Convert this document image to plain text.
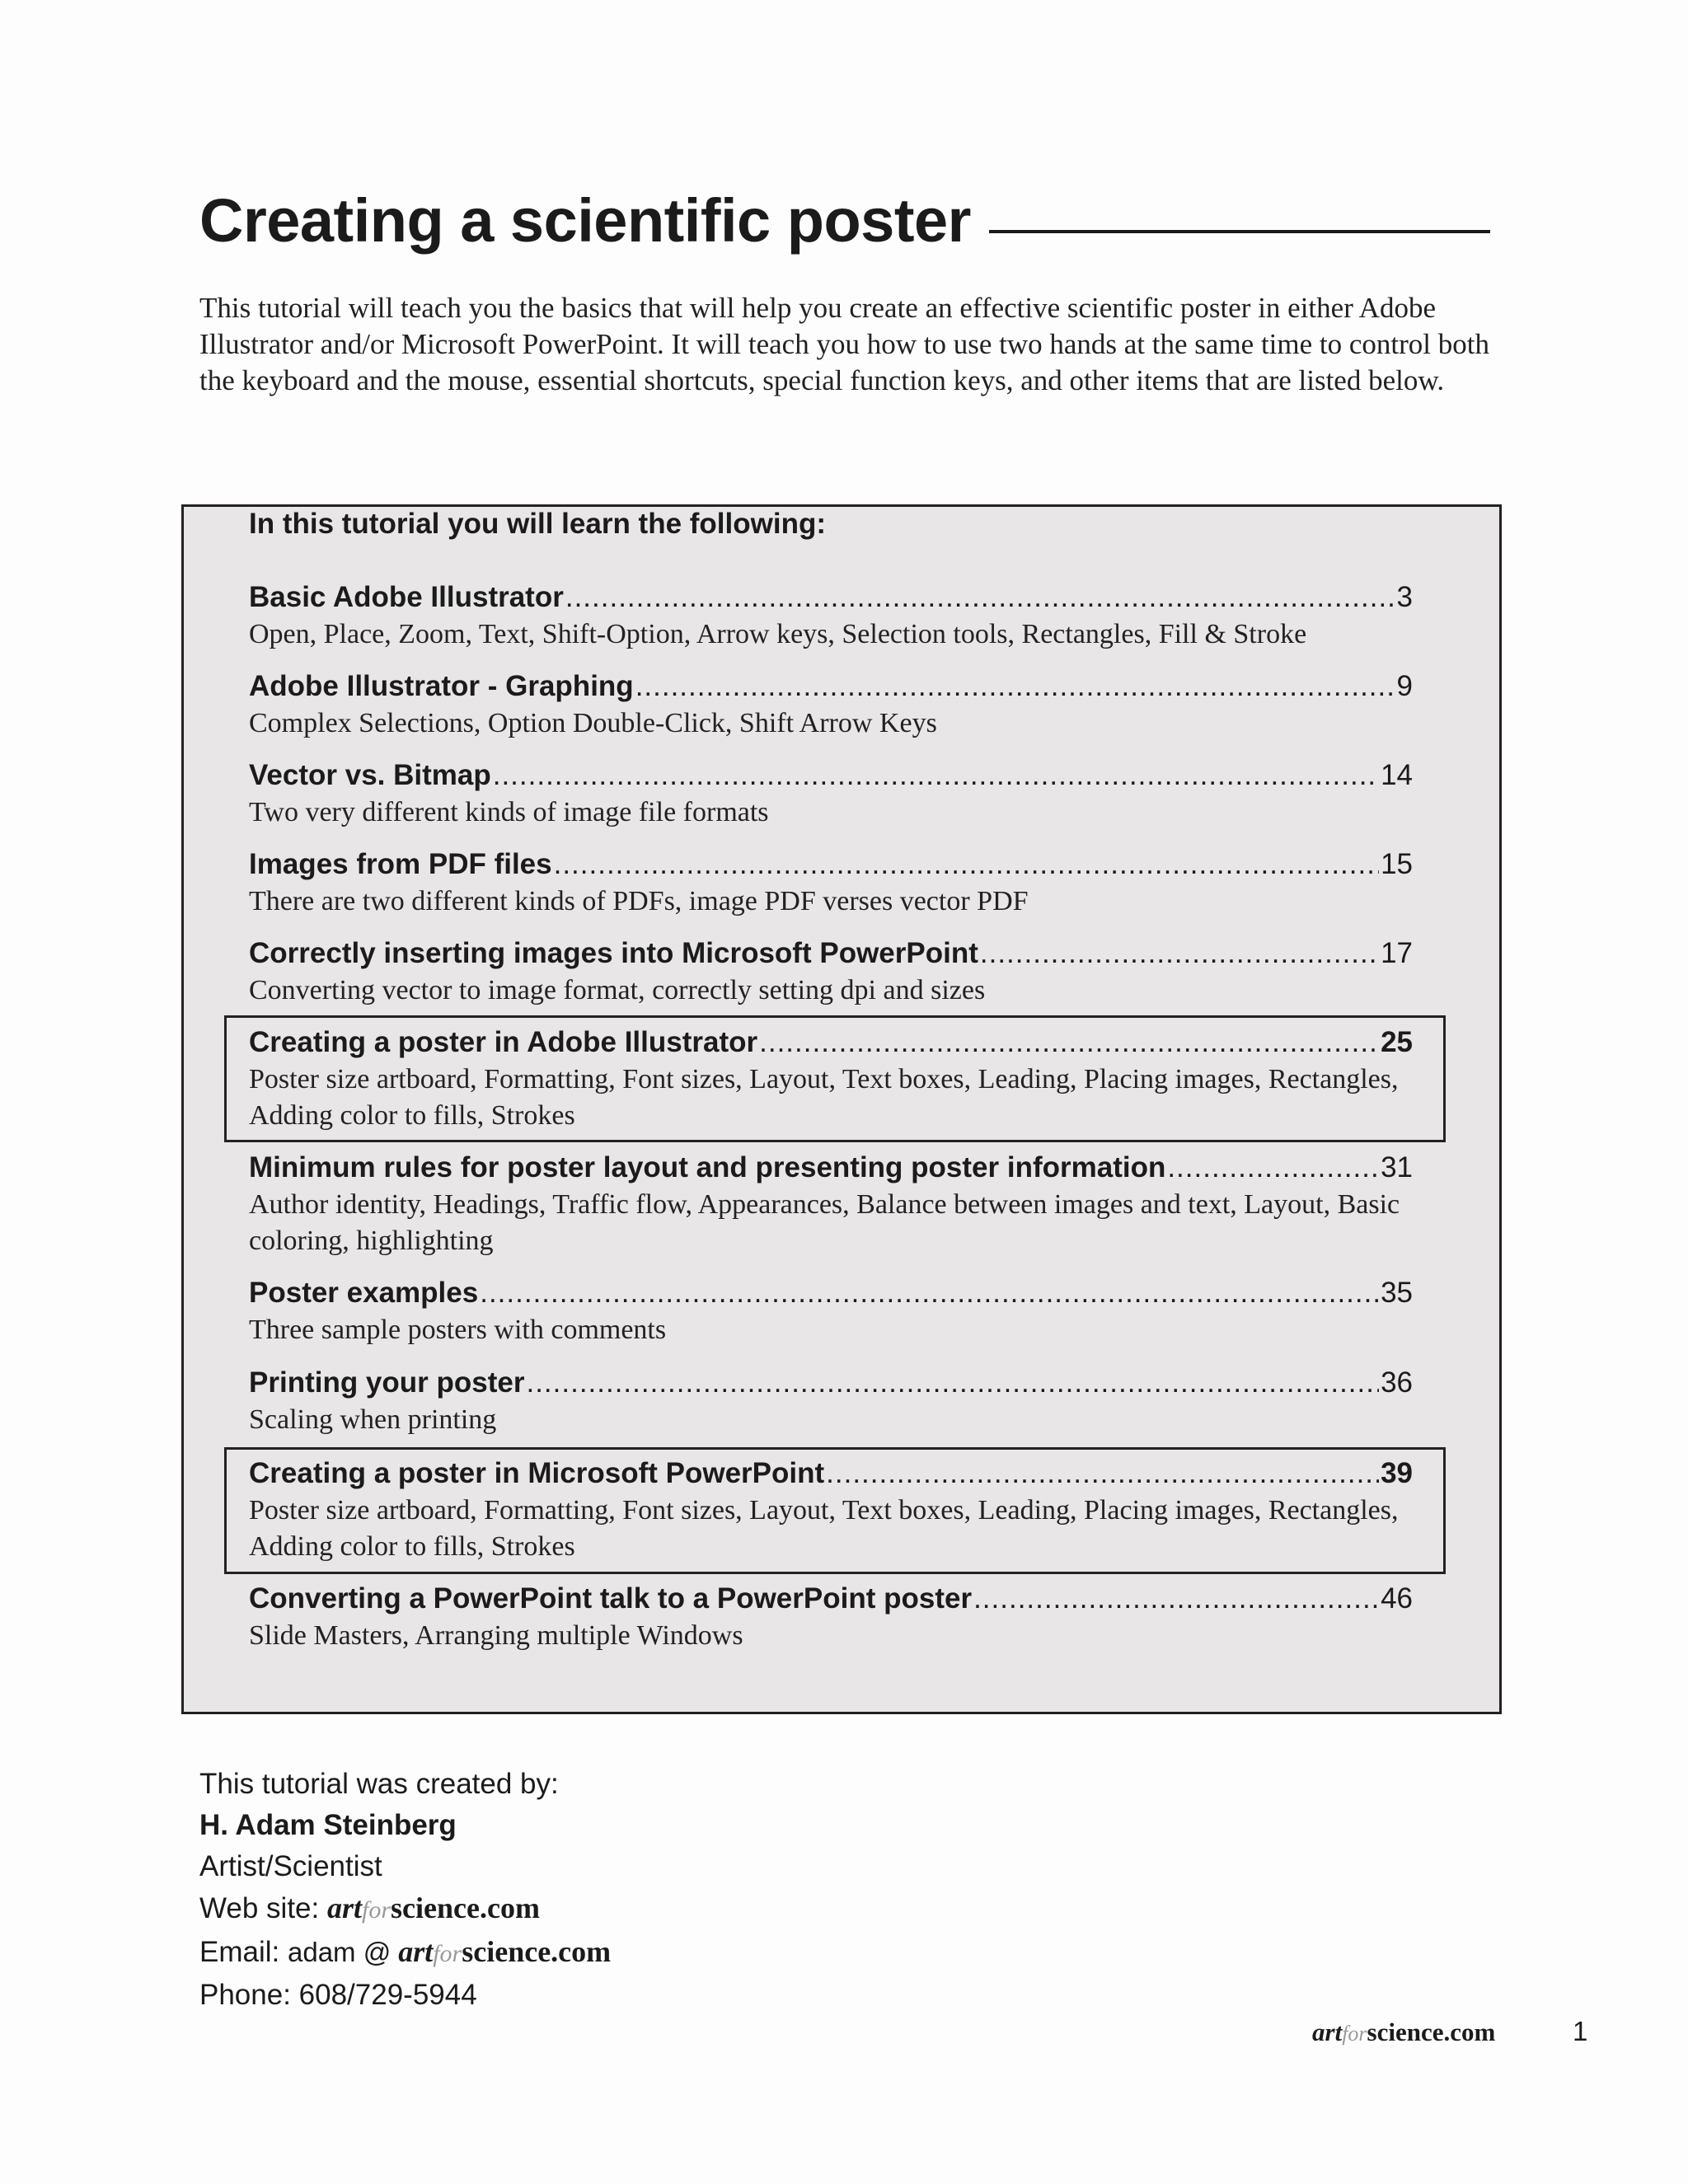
Creating a scientific poster

This tutorial will teach you the basics that will help you create an effective scientific poster in either Adobe Illustrator and/or Microsoft PowerPoint. It will teach you how to use two hands at the same time to control both the keyboard and the mouse, essential shortcuts, special function keys, and other items that are listed below.

In this tutorial you will learn the following:
Basic Adobe Illustrator .....	3
Open, Place, Zoom, Text, Shift-Option, Arrow keys, Selection tools, Rectangles, Fill & Stroke
Adobe Illustrator - Graphing .....	9
Complex Selections, Option Double-Click, Shift Arrow Keys
Vector vs. Bitmap .....	14
Two very different kinds of image file formats
Images from PDF files .....	15
There are two different kinds of PDFs, image PDF verses vector PDF
Correctly inserting images into Microsoft PowerPoint .....	17
Converting vector to image format, correctly setting dpi and sizes
Creating a poster in Adobe Illustrator .....	25
Poster size artboard, Formatting, Font sizes, Layout, Text boxes, Leading, Placing images, Rectangles, Adding color to fills, Strokes
Minimum rules for poster layout and presenting poster information .....	31
Author identity, Headings, Traffic flow, Appearances, Balance between images and text, Layout, Basic coloring, highlighting
Poster examples .....	35
Three sample posters with comments
Printing your poster .....	36
Scaling when printing
Creating a poster in Microsoft PowerPoint .....	39
Poster size artboard, Formatting, Font sizes, Layout, Text boxes, Leading, Placing images, Rectangles, Adding color to fills, Strokes
Converting a PowerPoint talk to a PowerPoint poster .....	46
Slide Masters, Arranging multiple Windows
This tutorial was created by:
H. Adam Steinberg
Artist/Scientist
Web site: artforscience.com
Email: adam @ artforscience.com
Phone: 608/729-5944
artforscience.com	1
